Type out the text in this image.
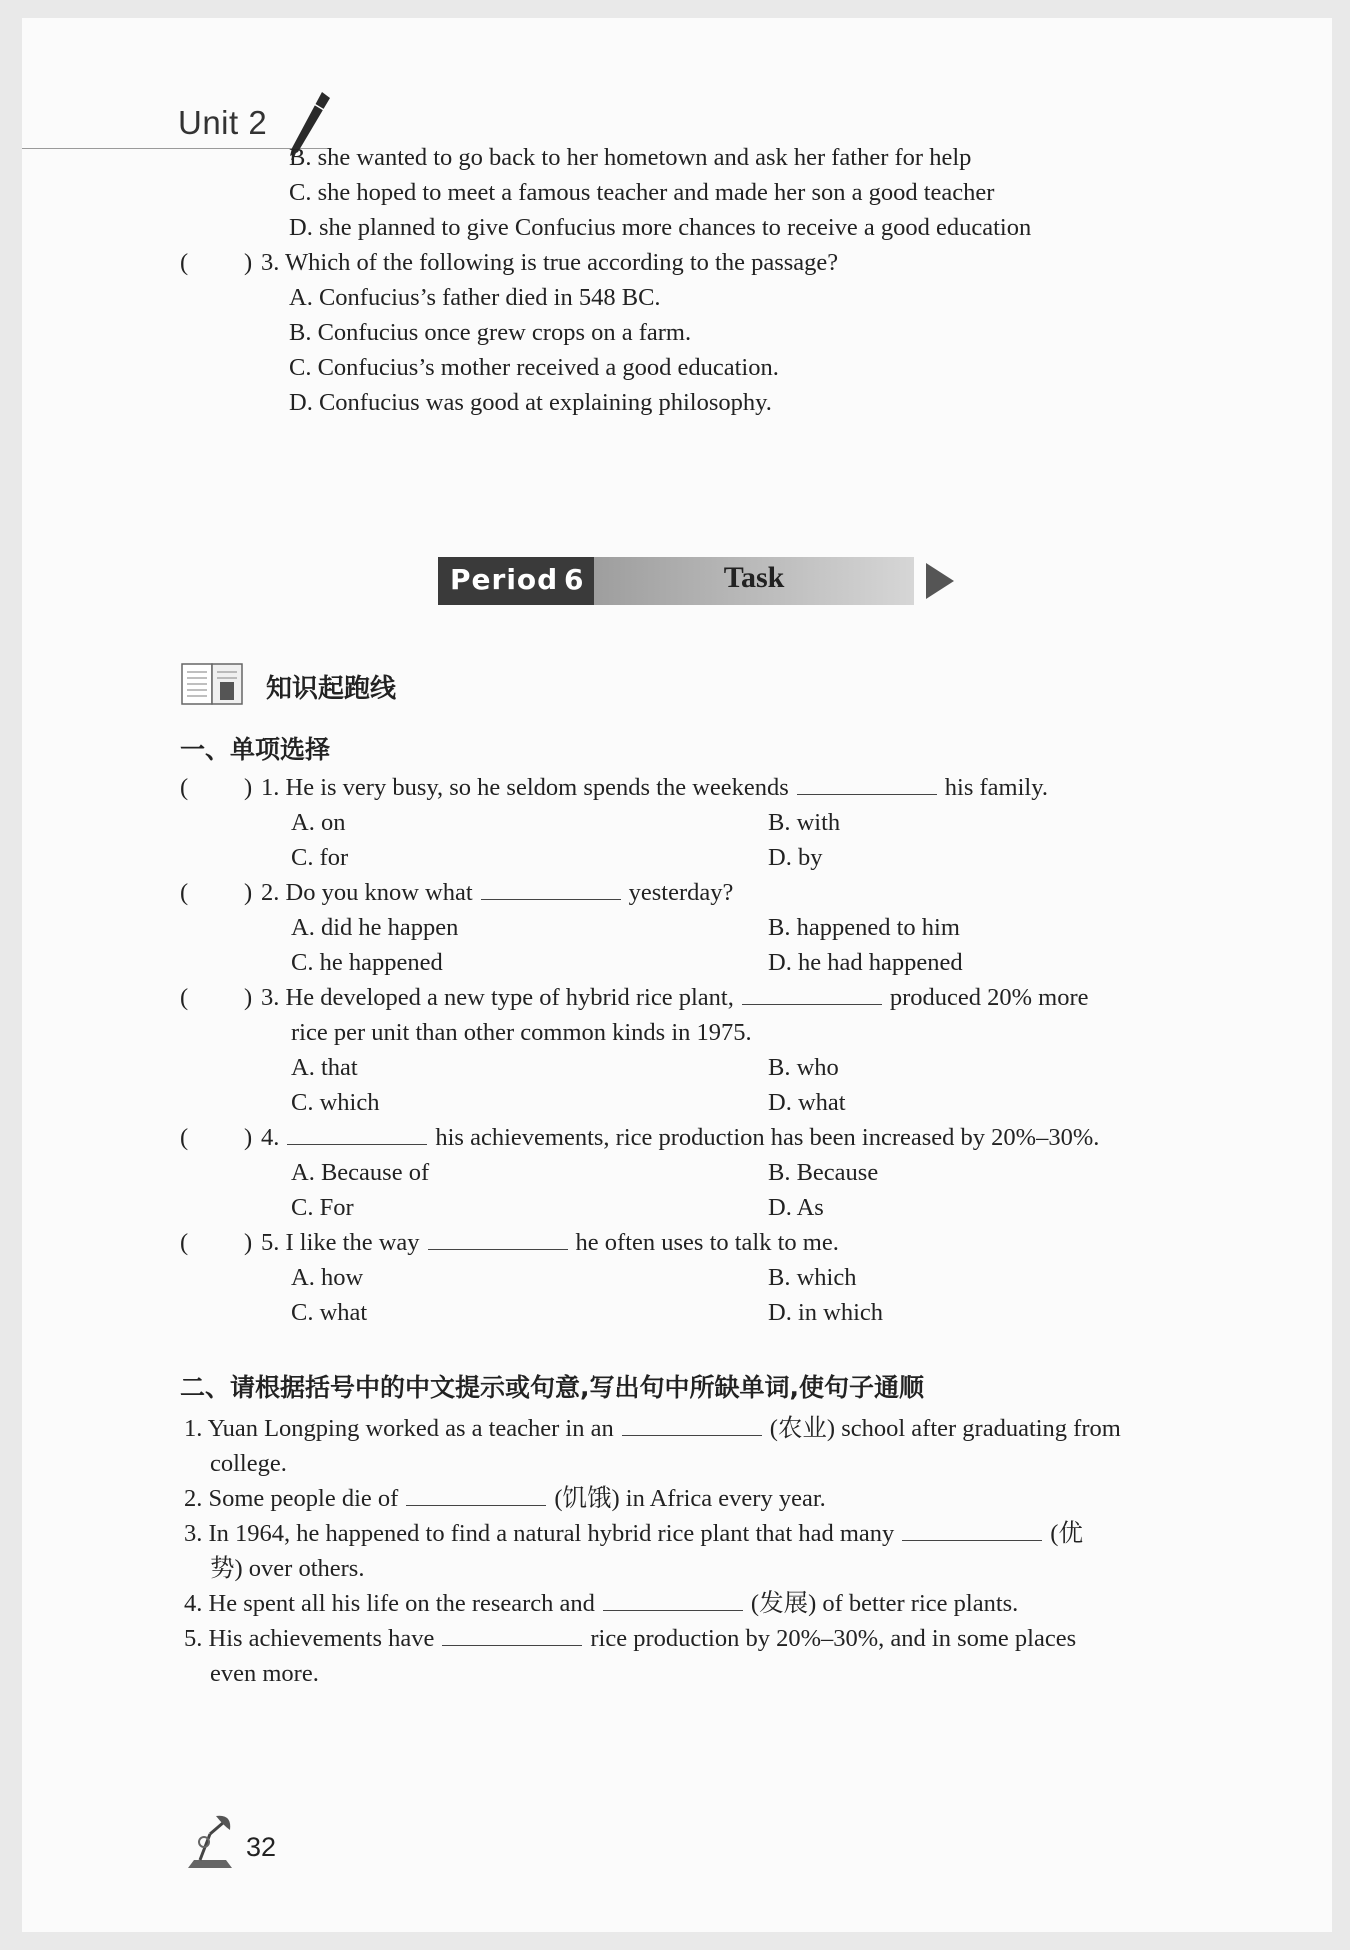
Unit 2
B. she wanted to go back to her hometown and ask her father for help
C. she hoped to meet a famous teacher and made her son a good teacher
D. she planned to give Confucius more chances to receive a good education
( ) 3. Which of the following is true according to the passage?
A. Confucius’s father died in 548 BC.
B. Confucius once grew crops on a farm.
C. Confucius’s mother received a good education.
D. Confucius was good at explaining philosophy.
Period 6	Task
知识起跑线
一、单项选择
( ) 1. He is very busy, so he seldom spends the weekends	his family.
A. on	B. with
C. for	D. by
( ) 2. Do you know what	yesterday?
A. did he happen	B. happened to him
C. he happened	D. he had happened
( ) 3. He developed a new type of hybrid rice plant,	produced 20% more
rice per unit than other common kinds in 1975.
A. that	B. who
C. which	D. what
( ) 4.	his achievements, rice production has been increased by 20%–30%.
A. Because of	B. Because
C. For	D. As
( ) 5. I like the way	he often uses to talk to me.
A. how	B. which
C. what	D. in which
二、请根据括号中的中文提示或句意,写出句中所缺单词,使句子通顺
1. Yuan Longping worked as a teacher in an	(农业) school after graduating from
college.
2. Some people die of	(饥饿) in Africa every year.
3. In 1964, he happened to find a natural hybrid rice plant that had many	(优
势) over others.
4. He spent all his life on the research and	(发展) of better rice plants.
5. His achievements have	rice production by 20%–30%, and in some places
even more.
32
